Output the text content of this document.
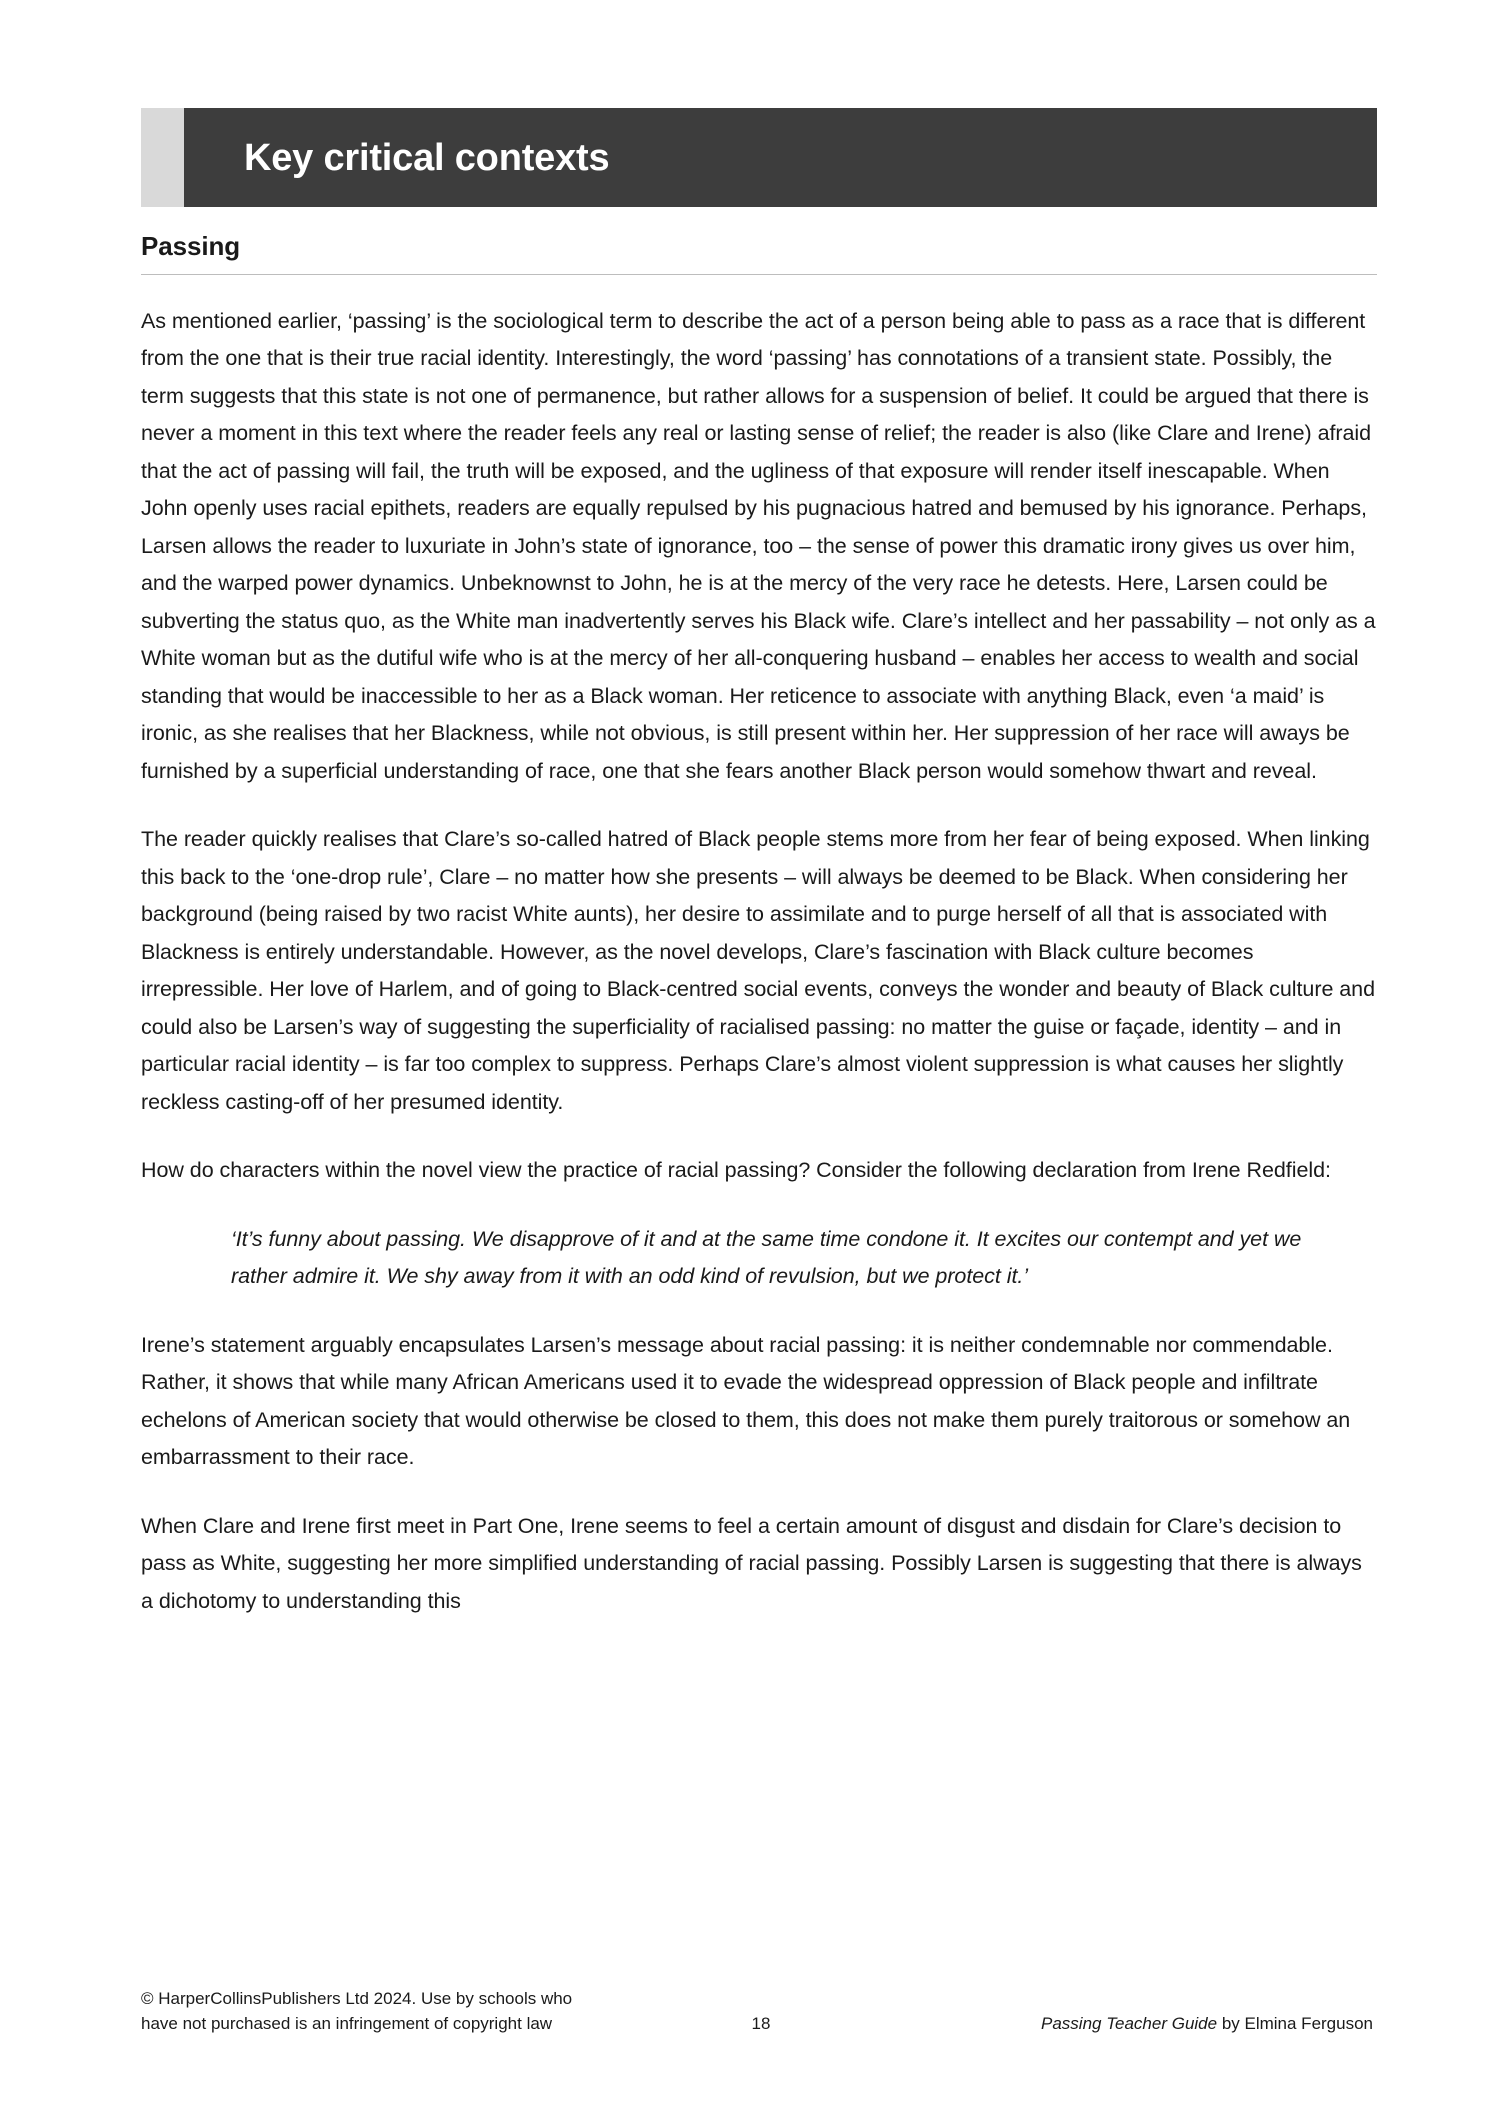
Key critical contexts
Passing

As mentioned earlier, ‘passing’ is the sociological term to describe the act of a person being able to pass as a race that is different from the one that is their true racial identity. Interestingly, the word ‘passing’ has connotations of a transient state. Possibly, the term suggests that this state is not one of permanence, but rather allows for a suspension of belief. It could be argued that there is never a moment in this text where the reader feels any real or lasting sense of relief; the reader is also (like Clare and Irene) afraid that the act of passing will fail, the truth will be exposed, and the ugliness of that exposure will render itself inescapable. When John openly uses racial epithets, readers are equally repulsed by his pugnacious hatred and bemused by his ignorance. Perhaps, Larsen allows the reader to luxuriate in John’s state of ignorance, too – the sense of power this dramatic irony gives us over him, and the warped power dynamics. Unbeknownst to John, he is at the mercy of the very race he detests. Here, Larsen could be subverting the status quo, as the White man inadvertently serves his Black wife. Clare’s intellect and her passability – not only as a White woman but as the dutiful wife who is at the mercy of her all-conquering husband – enables her access to wealth and social standing that would be inaccessible to her as a Black woman. Her reticence to associate with anything Black, even ‘a maid’ is ironic, as she realises that her Blackness, while not obvious, is still present within her. Her suppression of her race will aways be furnished by a superficial understanding of race, one that she fears another Black person would somehow thwart and reveal.

The reader quickly realises that Clare’s so-called hatred of Black people stems more from her fear of being exposed. When linking this back to the ‘one-drop rule’, Clare – no matter how she presents – will always be deemed to be Black. When considering her background (being raised by two racist White aunts), her desire to assimilate and to purge herself of all that is associated with Blackness is entirely understandable. However, as the novel develops, Clare’s fascination with Black culture becomes irrepressible. Her love of Harlem, and of going to Black-centred social events, conveys the wonder and beauty of Black culture and could also be Larsen’s way of suggesting the superficiality of racialised passing: no matter the guise or façade, identity – and in particular racial identity – is far too complex to suppress. Perhaps Clare’s almost violent suppression is what causes her slightly reckless casting-off of her presumed identity.

How do characters within the novel view the practice of racial passing? Consider the following declaration from Irene Redfield:

‘It’s funny about passing. We disapprove of it and at the same time condone it. It excites our contempt and yet we rather admire it. We shy away from it with an odd kind of revulsion, but we protect it.’

Irene’s statement arguably encapsulates Larsen’s message about racial passing: it is neither condemnable nor commendable. Rather, it shows that while many African Americans used it to evade the widespread oppression of Black people and infiltrate echelons of American society that would otherwise be closed to them, this does not make them purely traitorous or somehow an embarrassment to their race.

When Clare and Irene first meet in Part One, Irene seems to feel a certain amount of disgust and disdain for Clare’s decision to pass as White, suggesting her more simplified understanding of racial passing. Possibly Larsen is suggesting that there is always a dichotomy to understanding this

© HarperCollinsPublishers Ltd 2024. Use by schools who
have not purchased is an infringement of copyright law	18	Passing Teacher Guide by Elmina Ferguson
